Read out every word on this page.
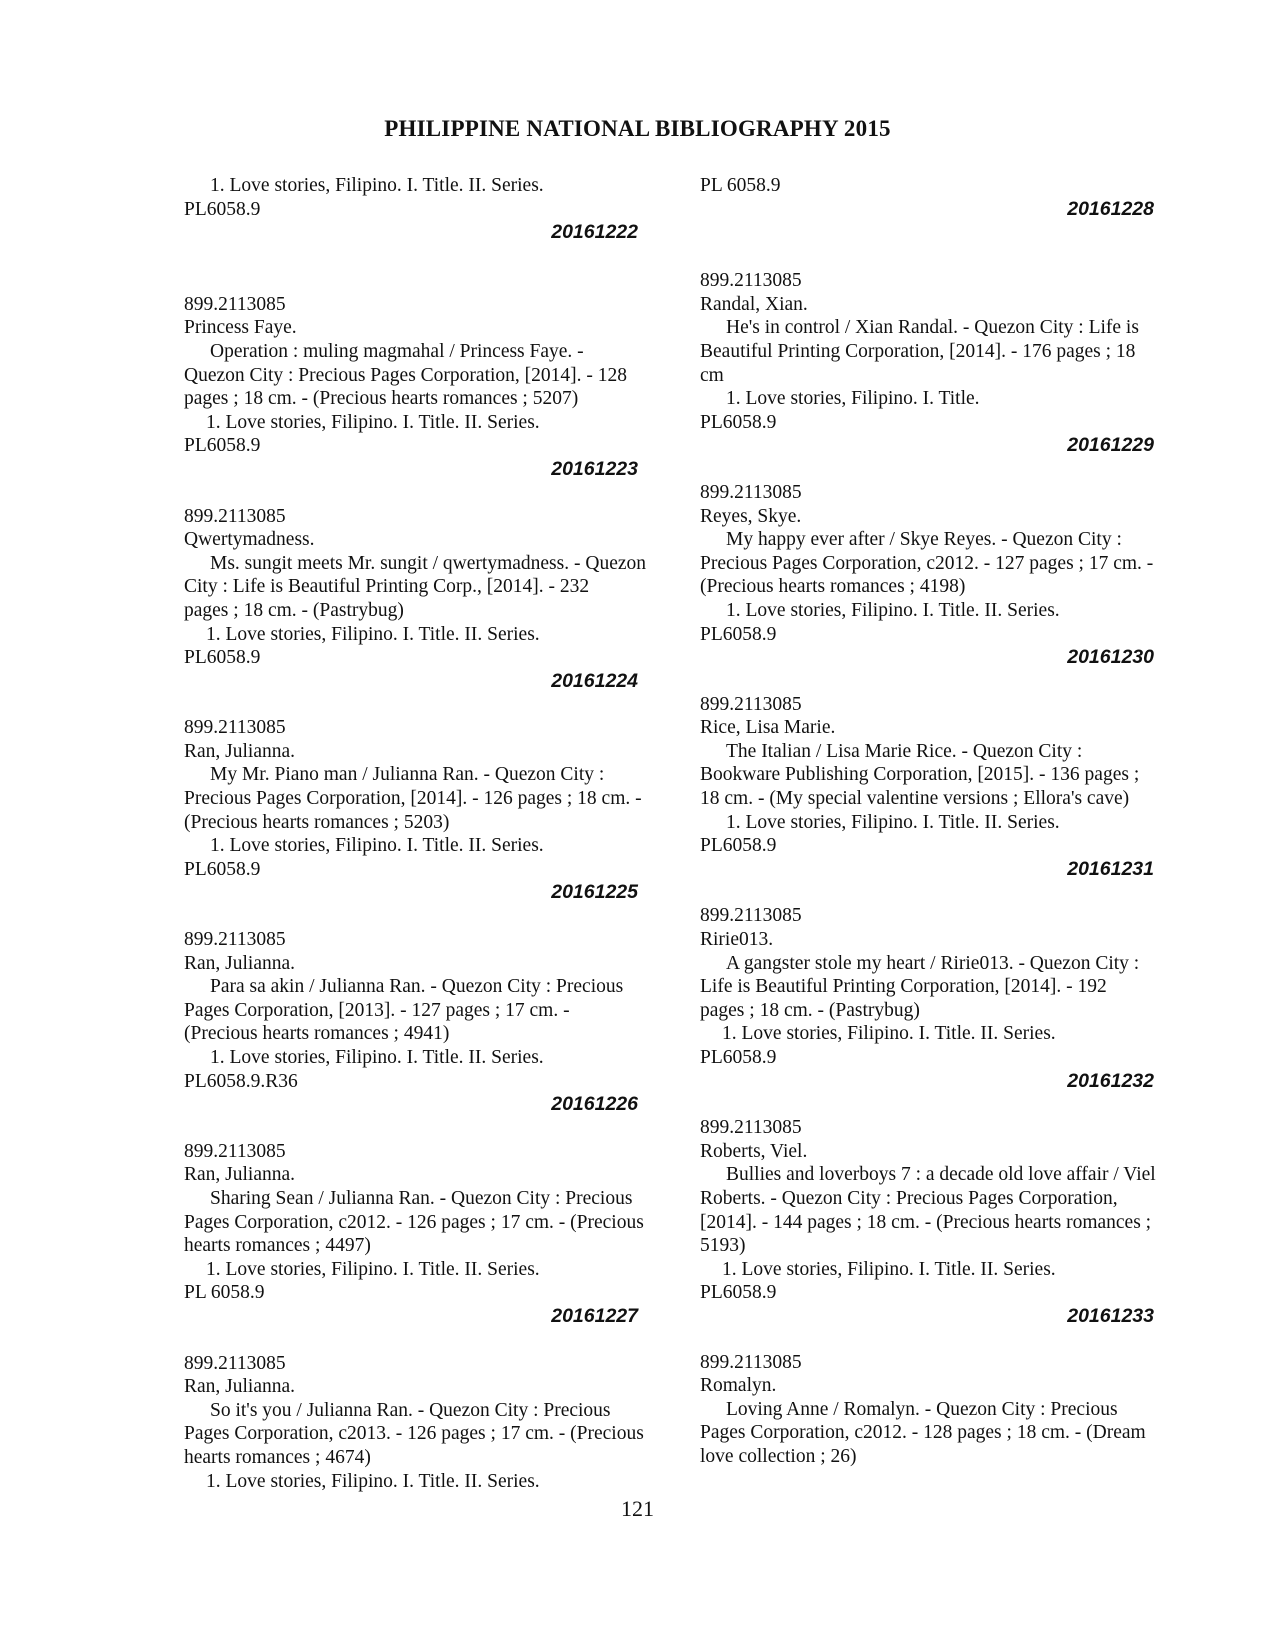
PHILIPPINE NATIONAL BIBLIOGRAPHY 2015
1. Love stories, Filipino. I. Title. II. Series.
PL6058.9
20161222
899.2113085
Princess Faye.
Operation : muling magmahal / Princess Faye. -
Quezon City : Precious Pages Corporation, [2014]. - 128
pages ; 18 cm. - (Precious hearts romances ; 5207)
1. Love stories, Filipino. I. Title. II. Series.
PL6058.9
20161223
899.2113085
Qwertymadness.
Ms. sungit meets Mr. sungit / qwertymadness. - Quezon
City : Life is Beautiful Printing Corp., [2014]. - 232
pages ; 18 cm. - (Pastrybug)
1. Love stories, Filipino. I. Title. II. Series.
PL6058.9
20161224
899.2113085
Ran, Julianna.
My Mr. Piano man / Julianna Ran. - Quezon City :
Precious Pages Corporation, [2014]. - 126 pages ; 18 cm. -
(Precious hearts romances ; 5203)
1. Love stories, Filipino. I. Title. II. Series.
PL6058.9
20161225
899.2113085
Ran, Julianna.
Para sa akin / Julianna Ran. - Quezon City : Precious
Pages Corporation, [2013]. - 127 pages ; 17 cm. -
(Precious hearts romances ; 4941)
1. Love stories, Filipino. I. Title. II. Series.
PL6058.9.R36
20161226
899.2113085
Ran, Julianna.
Sharing Sean / Julianna Ran. - Quezon City : Precious
Pages Corporation, c2012. - 126 pages ; 17 cm. - (Precious
hearts romances ; 4497)
1. Love stories, Filipino. I. Title. II. Series.
PL 6058.9
20161227
899.2113085
Ran, Julianna.
So it's you / Julianna Ran. - Quezon City : Precious
Pages Corporation, c2013. - 126 pages ; 17 cm. - (Precious
hearts romances ; 4674)
1. Love stories, Filipino. I. Title. II. Series.
PL 6058.9
20161228
899.2113085
Randal, Xian.
He's in control / Xian Randal. - Quezon City : Life is
Beautiful Printing Corporation, [2014]. - 176 pages ; 18
cm
1. Love stories, Filipino. I. Title.
PL6058.9
20161229
899.2113085
Reyes, Skye.
My happy ever after / Skye Reyes. - Quezon City :
Precious Pages Corporation, c2012. - 127 pages ; 17 cm. -
(Precious hearts romances ; 4198)
1. Love stories, Filipino. I. Title. II. Series.
PL6058.9
20161230
899.2113085
Rice, Lisa Marie.
The Italian / Lisa Marie Rice. - Quezon City :
Bookware Publishing Corporation, [2015]. - 136 pages ;
18 cm. - (My special valentine versions ; Ellora's cave)
1. Love stories, Filipino. I. Title. II. Series.
PL6058.9
20161231
899.2113085
Ririe013.
A gangster stole my heart / Ririe013. - Quezon City :
Life is Beautiful Printing Corporation, [2014]. - 192
pages ; 18 cm. - (Pastrybug)
1. Love stories, Filipino. I. Title. II. Series.
PL6058.9
20161232
899.2113085
Roberts, Viel.
Bullies and loverboys 7 : a decade old love affair / Viel
Roberts. - Quezon City : Precious Pages Corporation,
[2014]. - 144 pages ; 18 cm. - (Precious hearts romances ;
5193)
1. Love stories, Filipino. I. Title. II. Series.
PL6058.9
20161233
899.2113085
Romalyn.
Loving Anne / Romalyn. - Quezon City : Precious
Pages Corporation, c2012. - 128 pages ; 18 cm. - (Dream
love collection ; 26)
121
